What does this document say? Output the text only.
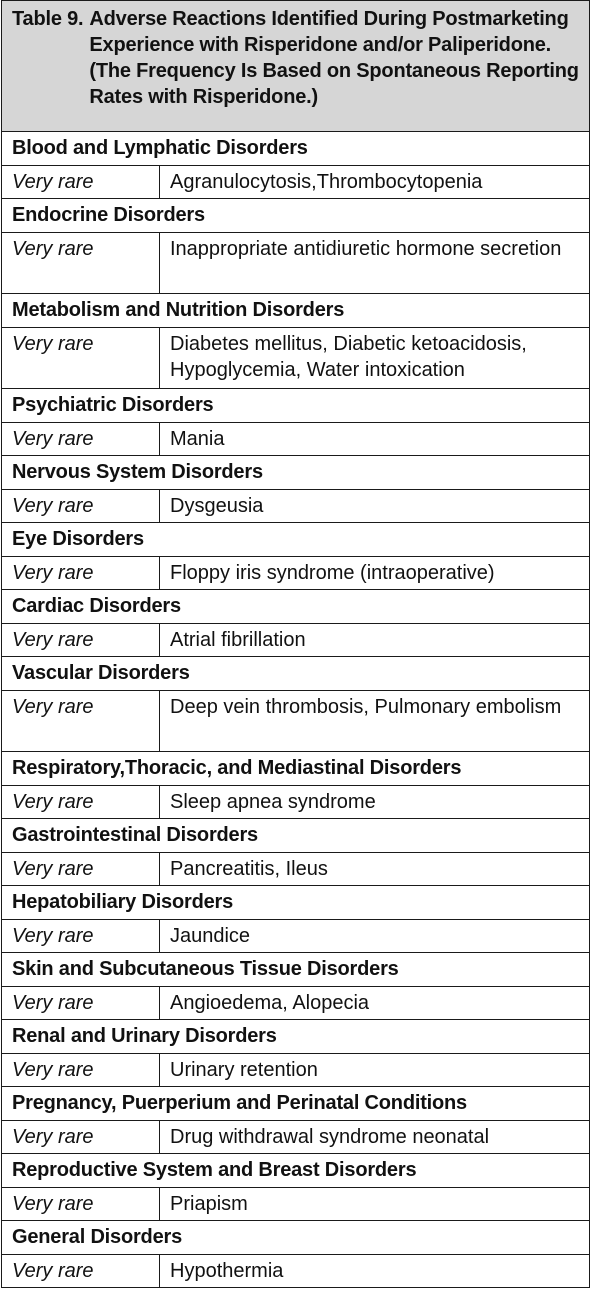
Table 9. Adverse Reactions Identified During Postmarketing Experience with Risperidone and/or Paliperidone. (The Frequency Is Based on Spontaneous Reporting Rates with Risperidone.)	

Blood and Lymphatic Disorders	
Very rare	Agranulocytosis,Thrombocytopenia
Endocrine Disorders	
Very rare	Inappropriate antidiuretic hormone secretion
Metabolism and Nutrition Disorders	
Very rare	Diabetes mellitus, Diabetic ketoacidosis, Hypoglycemia, Water intoxication
Psychiatric Disorders	
Very rare	Mania
Nervous System Disorders	
Very rare	Dysgeusia
Eye Disorders	
Very rare	Floppy iris syndrome (intraoperative)
Cardiac Disorders	
Very rare	Atrial fibrillation
Vascular Disorders	
Very rare	Deep vein thrombosis, Pulmonary embolism
Respiratory,Thoracic, and Mediastinal Disorders	
Very rare	Sleep apnea syndrome
Gastrointestinal Disorders	
Very rare	Pancreatitis, Ileus
Hepatobiliary Disorders	
Very rare	Jaundice
Skin and Subcutaneous Tissue Disorders	
Very rare	Angioedema, Alopecia
Renal and Urinary Disorders	
Very rare	Urinary retention
Pregnancy, Puerperium and Perinatal Conditions	
Very rare	Drug withdrawal syndrome neonatal
Reproductive System and Breast Disorders	
Very rare	Priapism
General Disorders	
Very rare	Hypothermia
